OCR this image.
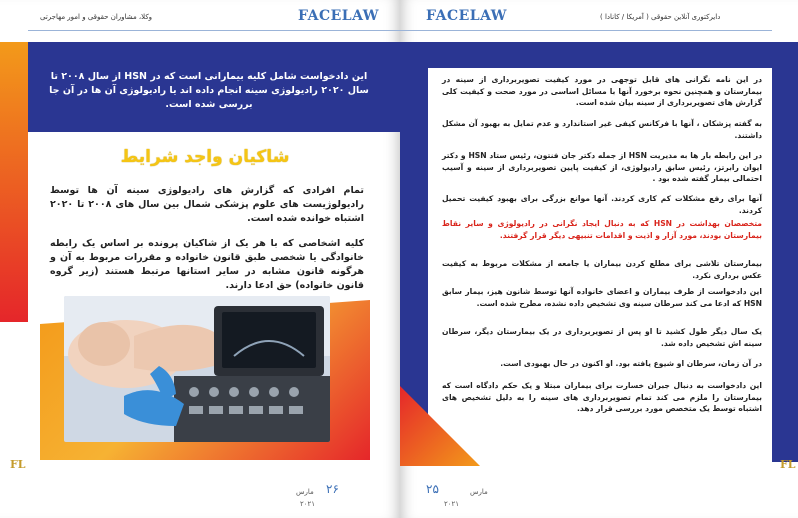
FACELAW
وکلا، مشاوران حقوقی و امور مهاجرتی
این دادخواست شامل کلیه بیمارانی است که در HSN از سال ۲۰۰۸ تا سال ۲۰۲۰ رادیولوژی سینه انجام داده اند یا رادیولوژی آن ها در آن جا بررسی شده است.
شاکیان واجد شرایط
تمام افرادی که گزارش های رادیولوژی سینه آن ها توسط رادیولوژیست های علوم پزشکی شمال بین سال های ۲۰۰۸ تا ۲۰۲۰ اشتباه خوانده شده است.
کلیه اشخاصی که با هر یک از شاکیان پرونده بر اساس یک رابطه خانوادگی یا شخصی طبق قانون خانواده و مقررات مربوط به آن و هرگونه قانون مشابه در سایر استانها مرتبط هستند (زیر گروه قانون خانواده) حق ادعا دارند.
FL
۲۶
مارس
۲۰۲۱
FACELAW	دایرکتوری آنلاین حقوقی ( آمریکا / کانادا )
در این نامه نگرانی های قابل توجهی در مورد کیفیت تصویربرداری از سینه در بیمارستان و همچنین نحوه برخورد آنها با مسائل اساسی در مورد صحت و کیفیت کلی گزارش های تصویربرداری از سینه بیان شده است.
به گفته پزشکان ، آنها با فرکانس کیفی غیر استاندارد و عدم تمایل به بهبود آن مشکل داشتند.
در این رابطه بار ها به مدیریت HSN از جمله دکتر جان فنتون، رئیس ستاد HSN و دکتر ایوان رابرتز، رئیس سابق رادیولوژی، از کیفیت پایین تصویربرداری از سینه و آسیب احتمالی بیمار گفته شده بود .
آنها برای رفع مشکلات کم کاری کردند. آنها موانع بزرگی برای بهبود کیفیت تحمیل کردند.
متخصصان بهداشت در HSN که به دنبال ایجاد نگرانی در رادیولوژی و سایر نقاط بیمارستان بودند، مورد آزار و اذیت و اقدامات تنبیهی دیگر قرار گرفتند.
بیمارستان تلاشی برای مطلع کردن بیماران یا جامعه از مشکلات مربوط به کیفیت عکس برداری نکرد.
این دادخواست از طرف بیماران و اعضای خانواده آنها توسط شانون هیز، بیمار سابق HSN که ادعا می کند سرطان سینه وی تشخیص داده نشده، مطرح شده است.
یک سال دیگر طول کشید تا او پس از تصویربرداری در یک بیمارستان دیگر، سرطان سینه اش تشخیص داده شد.
در آن زمان، سرطان او شیوع یافته بود. او اکنون در حال بهبودی است.
این دادخواست به دنبال جبران خسارت برای بیماران مبتلا و یک حکم دادگاه است که بیمارستان را ملزم می کند تمام تصویربرداری های سینه را به دلیل تشخیص های اشتباه توسط یک متخصص مورد بررسی قرار دهد.
۲۵	مارس
۲۰۲۱
FL
